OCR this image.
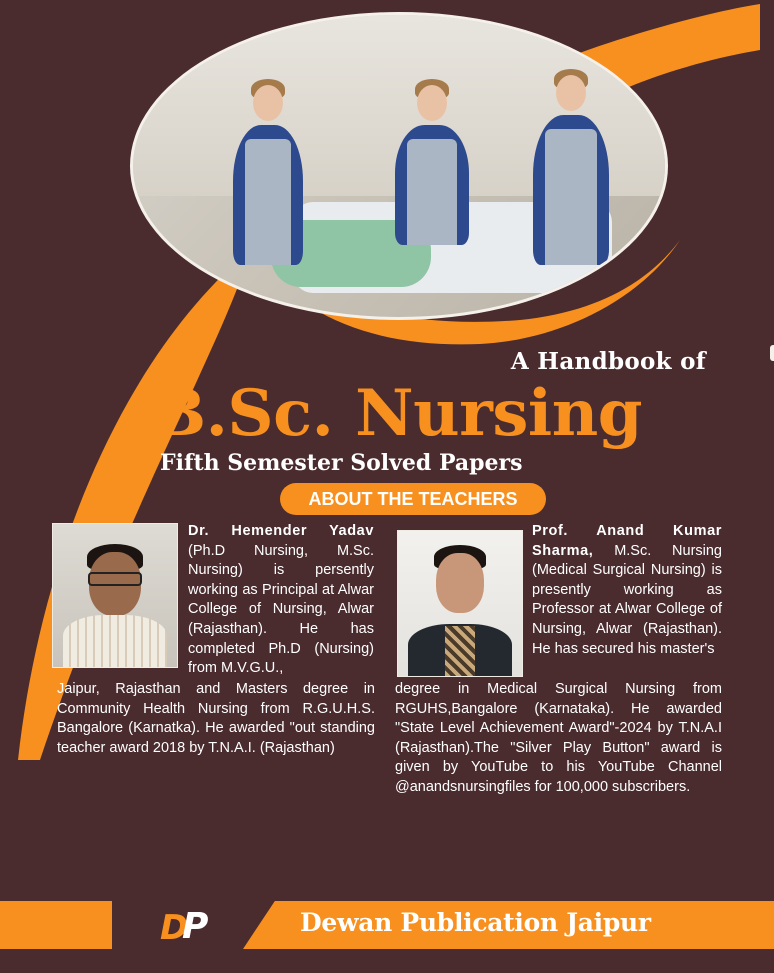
A Handbook of
B.Sc. Nursing
Fifth Semester Solved Papers
ABOUT THE TEACHERS

Dr. Hemender Yadav (Ph.D Nursing, M.Sc. Nursing) is persently working as Principal at Alwar College of Nursing, Alwar (Rajasthan). He has completed Ph.D (Nursing) from M.V.G.U.,

Jaipur, Rajasthan and Masters degree in Community Health Nursing from R.G.U.H.S. Bangalore (Karnatka). He awarded "out standing teacher award 2018 by T.N.A.I. (Rajasthan)

Prof. Anand Kumar Sharma, M.Sc. Nursing (Medical Surgical Nursing) is presently working as Professor at Alwar College of Nursing, Alwar (Rajasthan). He has secured his master's

degree in Medical Surgical Nursing from RGUHS,Bangalore (Karnataka). He awarded "State Level Achievement Award"-2024 by T.N.A.I (Rajasthan).The "Silver Play Button" award is given by YouTube to his YouTube Channel @anandsnursingfiles for 100,000 subscribers.

D P	Dewan Publication Jaipur
